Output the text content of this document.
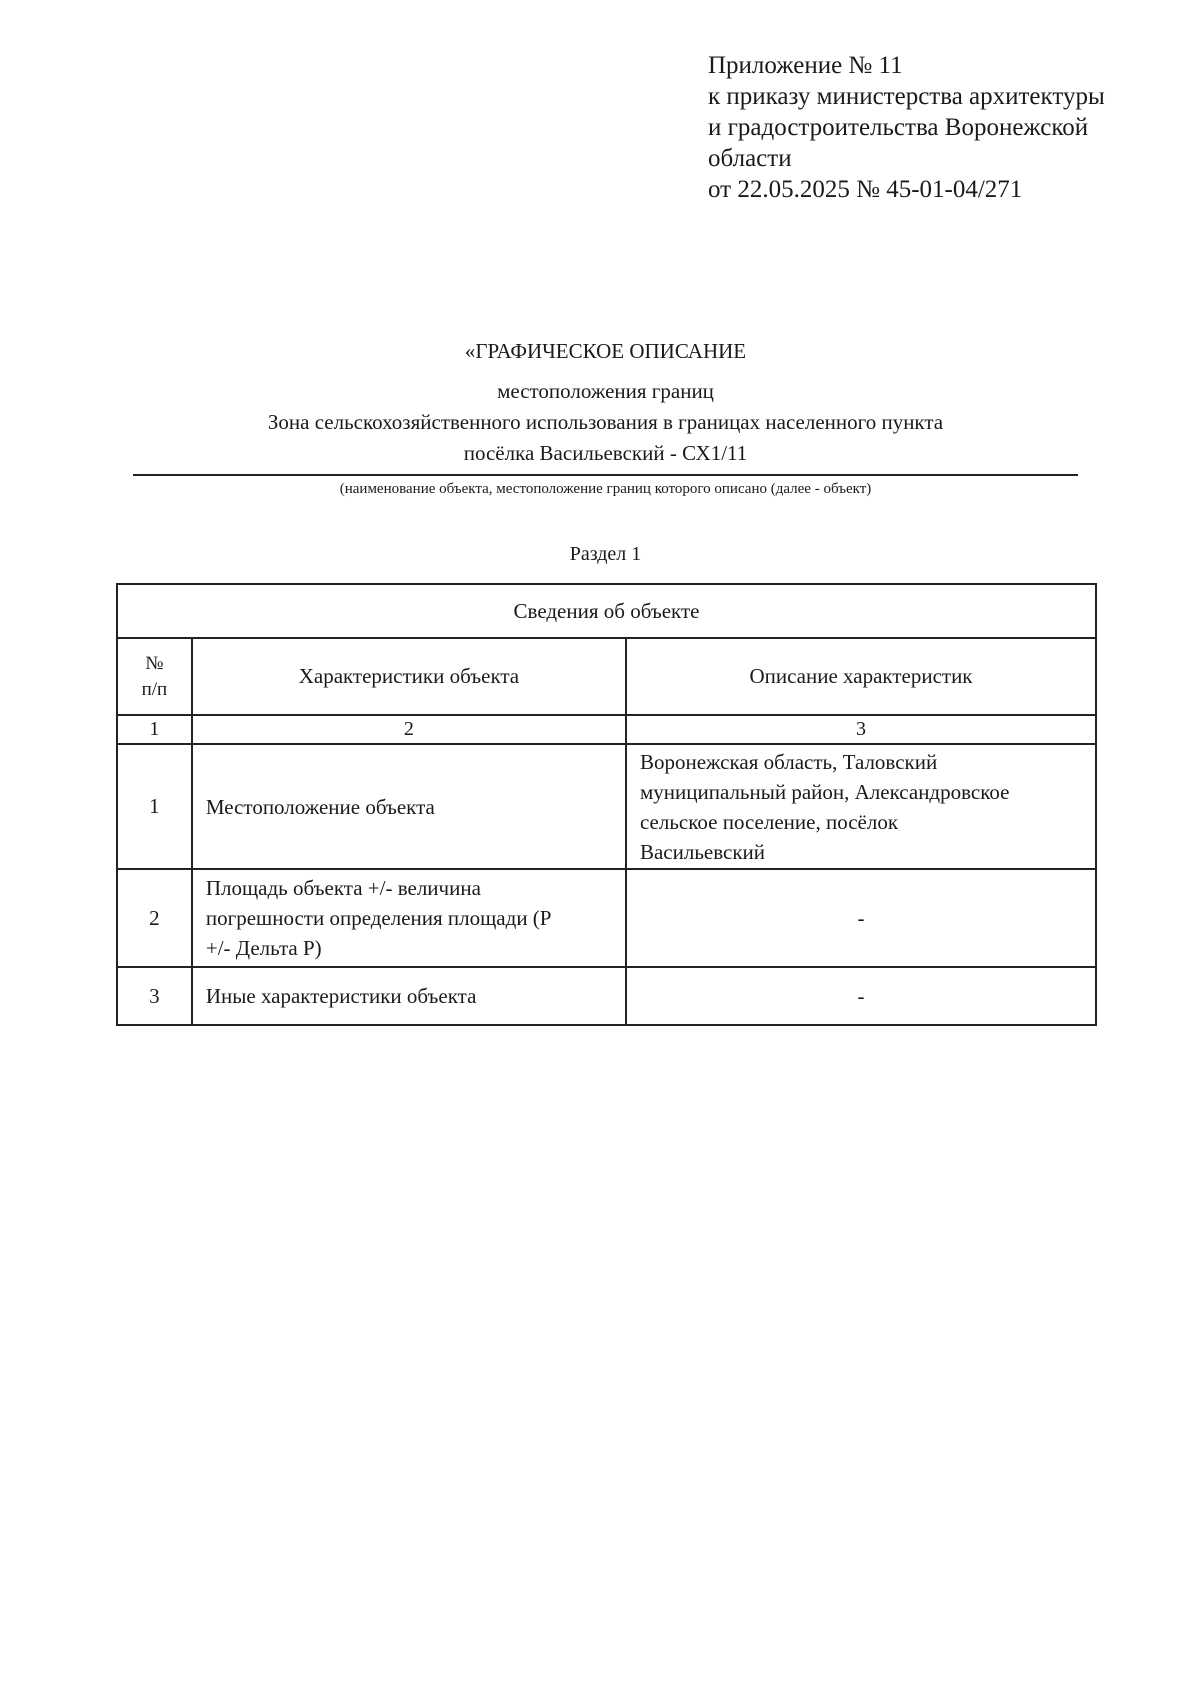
Приложение № 11
к приказу министерства архитектуры
и градостроительства Воронежской
области
от 22.05.2025 № 45-01-04/271
«ГРАФИЧЕСКОЕ ОПИСАНИЕ
местоположения границ
Зона сельскохозяйственного использования в границах населенного пункта
посёлка Васильевский - СХ1/11
(наименование объекта, местоположение границ которого описано (далее - объект)
Раздел 1
Сведения об объекте		

№
п/п	Характеристики объекта	Описание характеристик
1	2	3
1	Местоположение объекта	Воронежская область, Таловский
муниципальный район, Александровское
сельское поселение, посёлок
Васильевский

2	Площадь объекта +/- величина
погрешности определения площади (Р
+/- Дельта Р)	-
3	Иные характеристики объекта	-
